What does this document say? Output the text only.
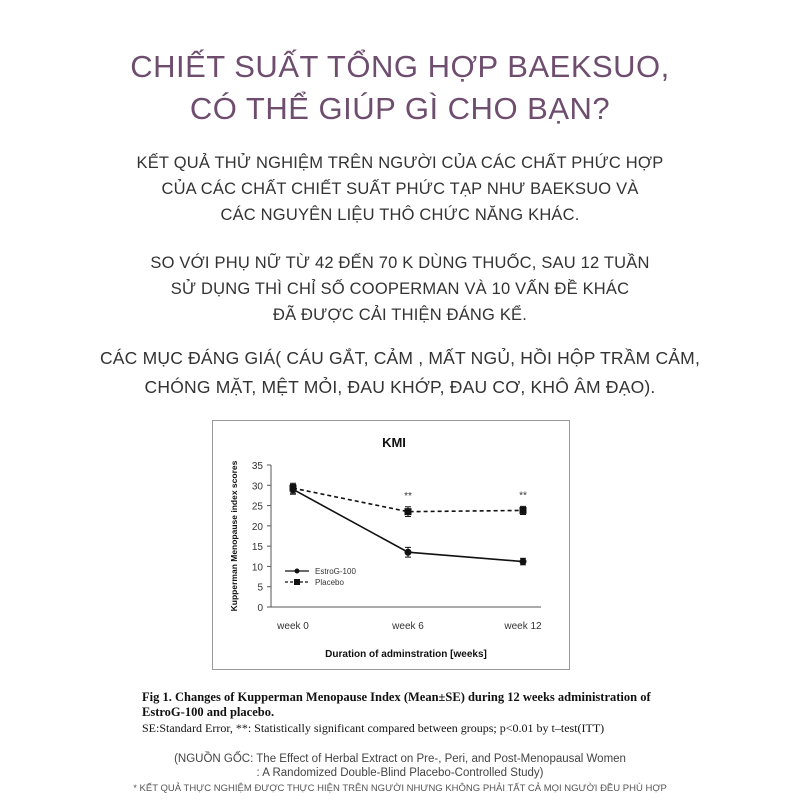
CHIẾT SUẤT TỔNG HỢP BAEKSUO,
CÓ THỂ GIÚP GÌ CHO BẠN?
KẾT QUẢ THỬ NGHIỆM TRÊN NGƯỜI CỦA CÁC CHẤT PHỨC HỢP
CỦA CÁC CHẤT CHIẾT SUẤT PHỨC TẠP NHƯ BAEKSUO VÀ
CÁC NGUYÊN LIỆU THÔ CHỨC NĂNG KHÁC.
SO VỚI PHỤ NỮ TỪ 42 ĐẾN 70 K DÙNG THUỐC, SAU 12 TUẦN
SỬ DỤNG THÌ CHỈ SỐ COOPERMAN VÀ 10 VẤN ĐỀ KHÁC
ĐÃ ĐƯỢC CẢI THIỆN ĐÁNG KỂ.
CÁC MỤC ĐÁNG GIÁ( CÁU GẮT, CẢM , MẤT NGỦ, HỒI HỘP TRẦM CẢM,
CHÓNG MẶT, MỆT MỎI, ĐAU KHỚP, ĐAU CƠ, KHÔ ÂM ĐẠO).
KMI
0
5
10
15
20
25
30
35
week 0	week 6	week 12
Duration of adminstration [weeks]
Kupperman Menopause index scores	**	**
EstroG-100
Placebo
Fig 1. Changes of Kupperman Menopause Index (Mean±SE) during 12 weeks administration of
EstroG-100 and placebo.
SE:Standard Error, **: Statistically significant compared between groups; p<0.01 by t–test(ITT)
(NGUỒN GỐC: The Effect of Herbal Extract on Pre-, Peri, and Post-Menopausal Women
: A Randomized Double-Blind Placebo-Controlled Study)
* KẾT QUẢ THỰC NGHIỆM ĐƯỢC THỰC HIỆN TRÊN NGƯỜI NHƯNG KHÔNG PHẢI TẤT CẢ MỌI NGƯỜI ĐỀU PHÙ HỢP
